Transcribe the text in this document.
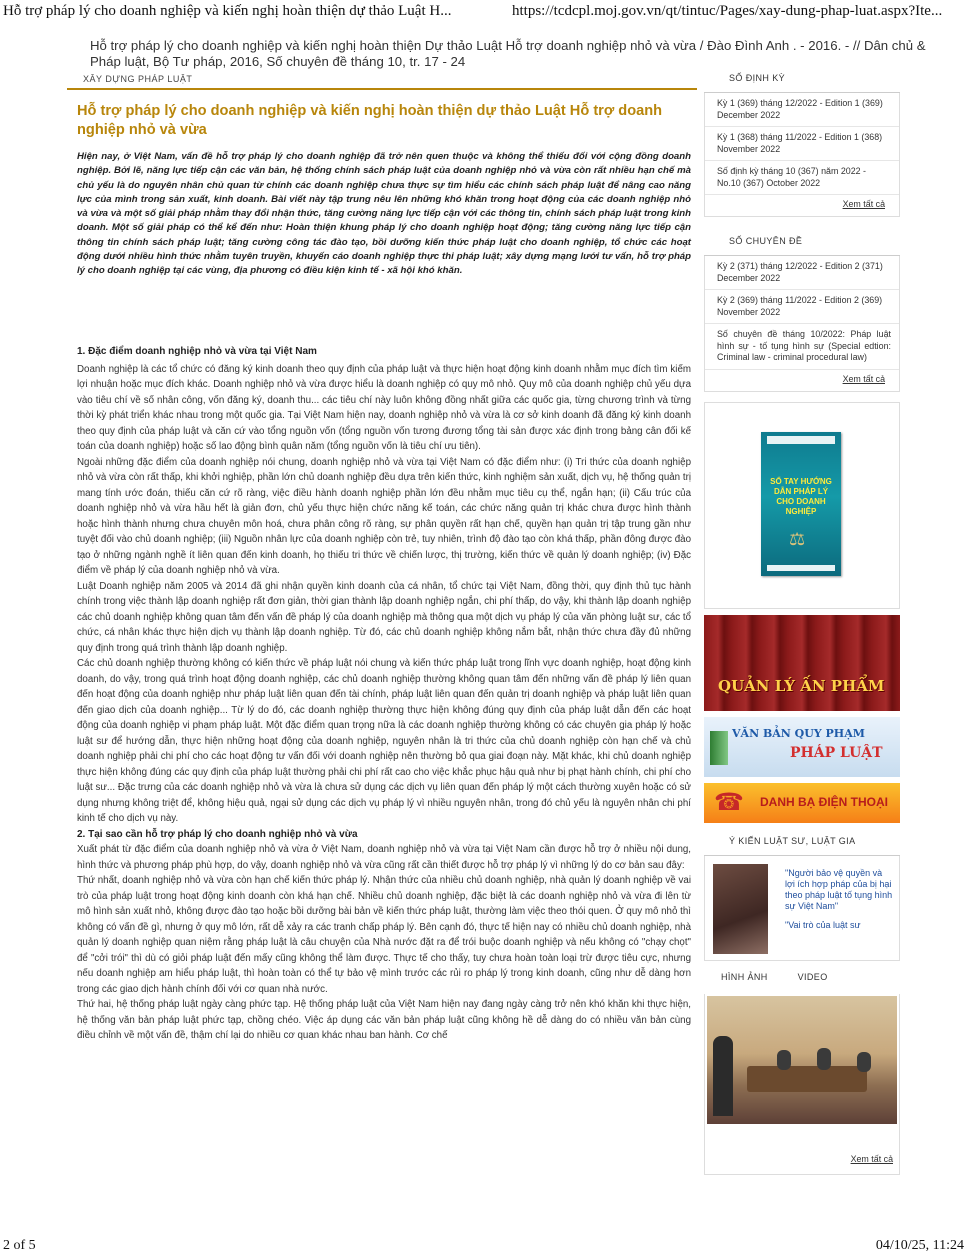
Hỗ trợ pháp lý cho doanh nghiệp và kiến nghị hoàn thiện dự thảo Luật H...	https://tcdcpl.moj.gov.vn/qt/tintuc/Pages/xay-dung-phap-luat.aspx?Ite...
Hỗ trợ pháp lý cho doanh nghiệp và kiến nghị hoàn thiện Dự thảo Luật Hỗ trợ doanh nghiệp nhỏ và vừa / Đào Đình Anh . - 2016. - // Dân chủ & Pháp luật, Bộ Tư pháp, 2016, Số chuyên đề tháng 10, tr. 17 - 24
XÂY DỰNG PHÁP LUẬT
Hỗ trợ pháp lý cho doanh nghiệp và kiến nghị hoàn thiện dự thảo Luật Hỗ trợ doanh nghiệp nhỏ và vừa

Hiện nay, ở Việt Nam, vấn đề hỗ trợ pháp lý cho doanh nghiệp đã trở nên quen thuộc và không thể thiếu đối với cộng đồng doanh nghiệp. Bởi lẽ, năng lực tiếp cận các văn bản, hệ thống chính sách pháp luật của doanh nghiệp nhỏ và vừa còn rất nhiều hạn chế mà chủ yếu là do nguyên nhân chủ quan từ chính các doanh nghiệp chưa thực sự tìm hiểu các chính sách pháp luật để nâng cao năng lực của mình trong sản xuất, kinh doanh. Bài viết này tập trung nêu lên những khó khăn trong hoạt động của các doanh nghiệp nhỏ và vừa và một số giải pháp nhằm thay đổi nhận thức, tăng cường năng lực tiếp cận với các thông tin, chính sách pháp luật trong kinh doanh. Một số giải pháp có thể kể đến như: Hoàn thiện khung pháp lý cho doanh nghiệp hoạt động; tăng cường năng lực tiếp cận thông tin chính sách pháp luật; tăng cường công tác đào tạo, bồi dưỡng kiến thức pháp luật cho doanh nghiệp, tổ chức các hoạt động dưới nhiều hình thức nhằm tuyên truyền, khuyến cáo doanh nghiệp thực thi pháp luật; xây dựng mạng lưới tư vấn, hỗ trợ pháp lý cho doanh nghiệp tại các vùng, địa phương có điều kiện kinh tế - xã hội khó khăn.

1. Đặc điểm doanh nghiệp nhỏ và vừa tại Việt Nam

Doanh nghiệp là các tổ chức có đăng ký kinh doanh theo quy định của pháp luật và thực hiện hoạt động kinh doanh nhằm mục đích tìm kiếm lợi nhuận hoặc mục đích khác. Doanh nghiệp nhỏ và vừa được hiểu là doanh nghiệp có quy mô nhỏ. Quy mô của doanh nghiệp chủ yếu dựa vào tiêu chí về số nhân công, vốn đăng ký, doanh thu... các tiêu chí này luôn không đồng nhất giữa các quốc gia, từng chương trình và từng thời kỳ phát triển khác nhau trong một quốc gia. Tại Việt Nam hiện nay, doanh nghiệp nhỏ và vừa là cơ sở kinh doanh đã đăng ký kinh doanh theo quy định của pháp luật và căn cứ vào tổng nguồn vốn (tổng nguồn vốn tương đương tổng tài sản được xác định trong bảng cân đối kế toán của doanh nghiệp) hoặc số lao động bình quân năm (tổng nguồn vốn là tiêu chí ưu tiên).

Ngoài những đặc điểm của doanh nghiệp nói chung, doanh nghiệp nhỏ và vừa tại Việt Nam có đặc điểm như: (i) Tri thức của doanh nghiệp nhỏ và vừa còn rất thấp, khi khởi nghiệp, phần lớn chủ doanh nghiệp đều dựa trên kiến thức, kinh nghiệm sản xuất, dịch vụ, hệ thống quản trị mang tính ước đoán, thiếu căn cứ rõ ràng, việc điều hành doanh nghiệp phần lớn đều nhằm mục tiêu cụ thể, ngắn hạn; (ii) Cấu trúc của doanh nghiệp nhỏ và vừa hầu hết là giản đơn, chủ yếu thực hiện chức năng kế toán, các chức năng quản trị khác chưa được hình thành hoặc hình thành nhưng chưa chuyên môn hoá, chưa phân công rõ ràng, sự phân quyền rất hạn chế, quyền hạn quản trị tập trung gần như tuyệt đối vào chủ doanh nghiệp; (iii) Nguồn nhân lực của doanh nghiệp còn trẻ, tuy nhiên, trình độ đào tạo còn khá thấp, phần đông được đào tạo ở những ngành nghề ít liên quan đến kinh doanh, họ thiếu tri thức về chiến lược, thị trường, kiến thức về quản lý doanh nghiệp; (iv) Đặc điểm về pháp lý của doanh nghiệp nhỏ và vừa.

Luật Doanh nghiệp năm 2005 và 2014 đã ghi nhận quyền kinh doanh của cá nhân, tổ chức tại Việt Nam, đồng thời, quy định thủ tục hành chính trong việc thành lập doanh nghiệp rất đơn giản, thời gian thành lập doanh nghiệp ngắn, chi phí thấp, do vậy, khi thành lập doanh nghiệp các chủ doanh nghiệp không quan tâm đến vấn đề pháp lý của doanh nghiệp mà thông qua một dịch vụ pháp lý của văn phòng luật sư, các tổ chức, cá nhân khác thực hiện dịch vụ thành lập doanh nghiệp. Từ đó, các chủ doanh nghiệp không nắm bắt, nhận thức chưa đầy đủ những quy định trong quá trình thành lập doanh nghiệp.

Các chủ doanh nghiệp thường không có kiến thức về pháp luật nói chung và kiến thức pháp luật trong lĩnh vực doanh nghiệp, hoạt động kinh doanh, do vậy, trong quá trình hoạt động doanh nghiệp, các chủ doanh nghiệp thường không quan tâm đến những vấn đề pháp lý liên quan đến hoạt động của doanh nghiệp như pháp luật liên quan đến tài chính, pháp luật liên quan đến quản trị doanh nghiệp và pháp luật liên quan đến giao dịch của doanh nghiệp... Từ lý do đó, các doanh nghiệp thường thực hiện không đúng quy định của pháp luật dẫn đến các hoạt động của doanh nghiệp vi phạm pháp luật. Một đặc điểm quan trọng nữa là các doanh nghiệp thường không có các chuyên gia pháp lý hoặc luật sư để hướng dẫn, thực hiện những hoạt động của doanh nghiệp, nguyên nhân là tri thức của chủ doanh nghiệp còn hạn chế và chủ doanh nghiệp phải chi phí cho các hoạt động tư vấn đối với doanh nghiệp nên thường bỏ qua giai đoạn này. Mặt khác, khi chủ doanh nghiệp thực hiện không đúng các quy định của pháp luật thường phải chi phí rất cao cho việc khắc phục hậu quả như bị phạt hành chính, chi phí cho luật sư... Đặc trưng của các doanh nghiệp nhỏ và vừa là chưa sử dụng các dịch vụ liên quan đến pháp lý một cách thường xuyên hoặc có sử dụng nhưng không triệt để, không hiệu quả, ngại sử dụng các dịch vụ pháp lý vì nhiều nguyên nhân, trong đó chủ yếu là nguyên nhân chi phí kinh tế cho dịch vụ này.

2. Tại sao cần hỗ trợ pháp lý cho doanh nghiệp nhỏ và vừa

Xuất phát từ đặc điểm của doanh nghiệp nhỏ và vừa ở Việt Nam, doanh nghiệp nhỏ và vừa tại Việt Nam cần được hỗ trợ ở nhiều nội dung, hình thức và phương pháp phù hợp, do vậy, doanh nghiệp nhỏ và vừa cũng rất cần thiết được hỗ trợ pháp lý vì những lý do cơ bản sau đây:

Thứ nhất, doanh nghiệp nhỏ và vừa còn hạn chế kiến thức pháp lý. Nhận thức của nhiều chủ doanh nghiệp, nhà quản lý doanh nghiệp về vai trò của pháp luật trong hoạt động kinh doanh còn khá hạn chế. Nhiều chủ doanh nghiệp, đặc biệt là các doanh nghiệp nhỏ và vừa đi lên từ mô hình sản xuất nhỏ, không được đào tạo hoặc bồi dưỡng bài bản về kiến thức pháp luật, thường làm việc theo thói quen. Ở quy mô nhỏ thì không có vấn đề gì, nhưng ở quy mô lớn, rất dễ xảy ra các tranh chấp pháp lý. Bên cạnh đó, thực tế hiện nay có nhiều chủ doanh nghiệp, nhà quản lý doanh nghiệp quan niệm rằng pháp luật là câu chuyện của Nhà nước đặt ra để trói buộc doanh nghiệp và nếu không có "chạy chọt" để "cởi trói" thì dù có giỏi pháp luật đến mấy cũng không thể làm được. Thực tế cho thấy, tuy chưa hoàn toàn loại trừ được tiêu cực, nhưng nếu doanh nghiệp am hiểu pháp luật, thì hoàn toàn có thể tự bảo vệ mình trước các rủi ro pháp lý trong kinh doanh, cũng như dễ dàng hơn trong các giao dịch hành chính đối với cơ quan nhà nước.

Thứ hai, hệ thống pháp luật ngày càng phức tạp. Hệ thống pháp luật của Việt Nam hiện nay đang ngày càng trở nên khó khăn khi thực hiện, hệ thống văn bản pháp luật phức tạp, chồng chéo. Việc áp dụng các văn bản pháp luật cũng không hề dễ dàng do có nhiều văn bản cùng điều chỉnh về một vấn đề, thậm chí lại do nhiều cơ quan khác nhau ban hành. Cơ chế

SỐ ĐỊNH KỲ
Kỳ 1 (369) tháng 12/2022 - Edition 1 (369) December 2022
Kỳ 1 (368) tháng 11/2022 - Edition 1 (368) November 2022
Số định kỳ tháng 10 (367) năm 2022 - No.10 (367) October 2022
Xem tất cả
SỐ CHUYÊN ĐỀ
Kỳ 2 (371) tháng 12/2022 - Edition 2 (371) December 2022
Kỳ 2 (369) tháng 11/2022 - Edition 2 (369) November 2022
Số chuyên đề tháng 10/2022: Pháp luật hình sự - tố tụng hình sự (Special edtion: Criminal law - criminal procedural law)
Xem tất cả
SỔ TAY HƯỚNG DẪN PHÁP LÝ CHO DOANH NGHIỆP
⚖
QUẢN LÝ ẤN PHẨM
VĂN BẢN QUY PHẠM
PHÁP LUẬT
☎ DANH BẠ ĐIỆN THOẠI
Ý KIẾN LUẬT SƯ, LUẬT GIA
"Người bảo vệ quyền và lợi ích hợp pháp của bị hại theo pháp luật tố tụng hình sự Việt Nam"
"Vai trò của luật sư
HÌNH ẢNH	VIDEO
Xem tất cả
2 of 5	04/10/25, 11:24
